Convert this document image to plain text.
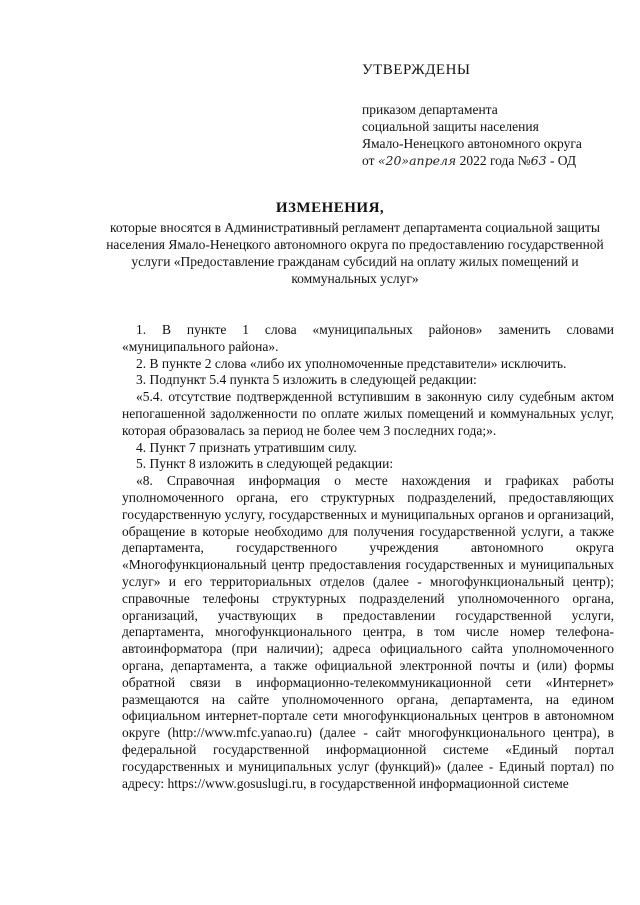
УТВЕРЖДЕНЫ
приказом департамента
социальной защиты населения
Ямало-Ненецкого автономного округа
от «20»апреля 2022 года №63 - ОД
ИЗМЕНЕНИЯ,
которые вносятся в Административный регламент департамента социальной защиты населения Ямало-Ненецкого автономного округа по предоставлению государственной услуги «Предоставление гражданам субсидий на оплату жилых помещений и коммунальных услуг»

1. В пункте 1 слова «муниципальных районов» заменить словами «муниципального района».

2. В пункте 2 слова «либо их уполномоченные представители» исключить.

3. Подпункт 5.4 пункта 5 изложить в следующей редакции:

«5.4. отсутствие подтвержденной вступившим в законную силу судебным актом непогашенной задолженности по оплате жилых помещений и коммунальных услуг, которая образовалась за период не более чем 3 последних года;».

4. Пункт 7 признать утратившим силу.

5. Пункт 8 изложить в следующей редакции:

«8. Справочная информация о месте нахождения и графиках работы уполномоченного органа, его структурных подразделений, предоставляющих государственную услугу, государственных и муниципальных органов и организаций, обращение в которые необходимо для получения государственной услуги, а также департамента, государственного учреждения автономного округа «Многофункциональный центр предоставления государственных и муниципальных услуг» и его территориальных отделов (далее - многофункциональный центр); справочные телефоны структурных подразделений уполномоченного органа, организаций, участвующих в предоставлении государственной услуги, департамента, многофункционального центра, в том числе номер телефона-автоинформатора (при наличии); адреса официального сайта уполномоченного органа, департамента, а также официальной электронной почты и (или) формы обратной связи в информационно-телекоммуникационной сети «Интернет» размещаются на сайте уполномоченного органа, департамента, на едином официальном интернет-портале сети многофункциональных центров в автономном округе (http://www.mfc.yanao.ru) (далее - сайт многофункционального центра), в федеральной государственной информационной системе «Единый портал государственных и муниципальных услуг (функций)» (далее - Единый портал) по адресу: https://www.gosuslugi.ru, в государственной информационной системе
